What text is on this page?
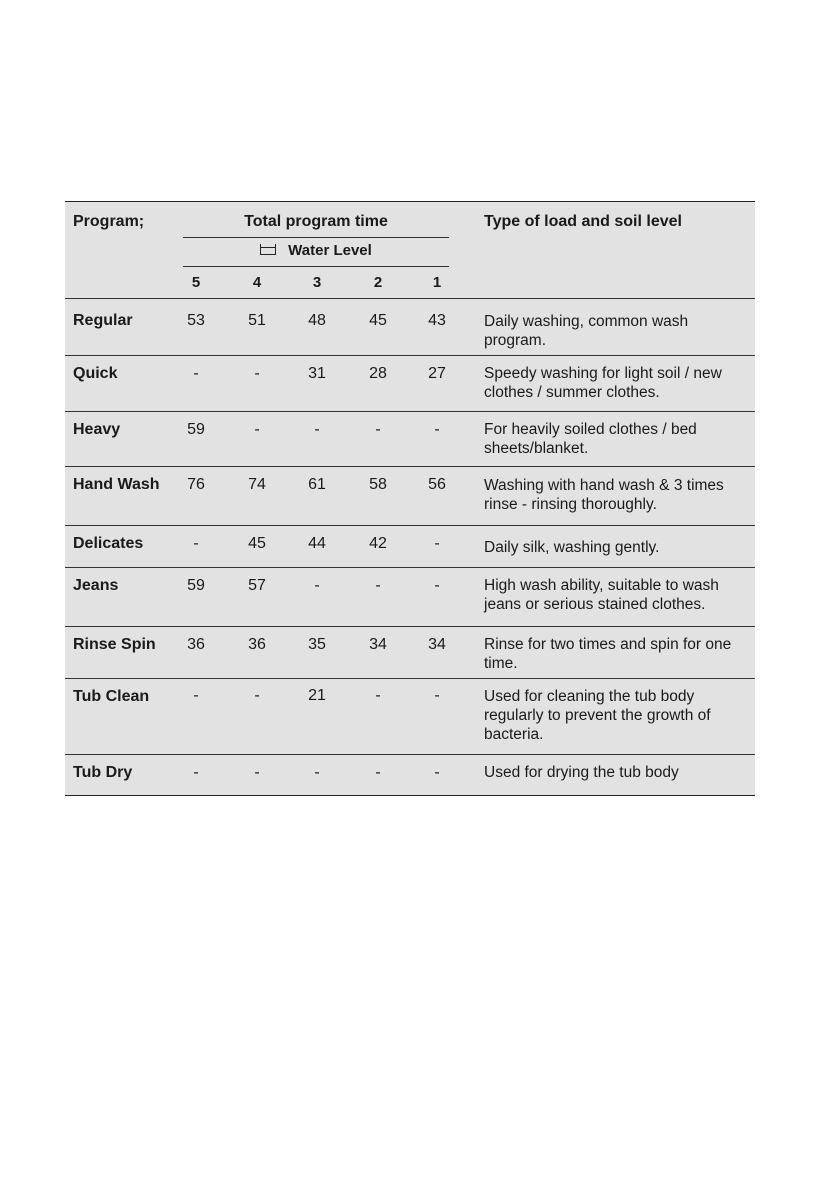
Program;	Total program time
Water Level
5	4	3	2	1
Type of load and soil level
Regular	53	51	48	45	43	Daily washing, common wash program.
Quick	-	-	31	28	27	Speedy washing for light soil / new clothes / summer clothes.
Heavy	59	-	-	-	-	For heavily soiled clothes / bed sheets/blanket.
Hand Wash	76	74	61	58	56	Washing with hand wash & 3 times rinse - rinsing thoroughly.
Delicates	-	45	44	42	-	Daily silk, washing gently.
Jeans	59	57	-	-	-	High wash ability, suitable to wash jeans or serious stained clothes.
Rinse Spin	36	36	35	34	34	Rinse for two times and spin for one time.
Tub Clean	-	-	21	-	-	Used for cleaning the tub body regularly to prevent the growth of bacteria.
Tub Dry	-	-	-	-	-	Used for drying the tub body
